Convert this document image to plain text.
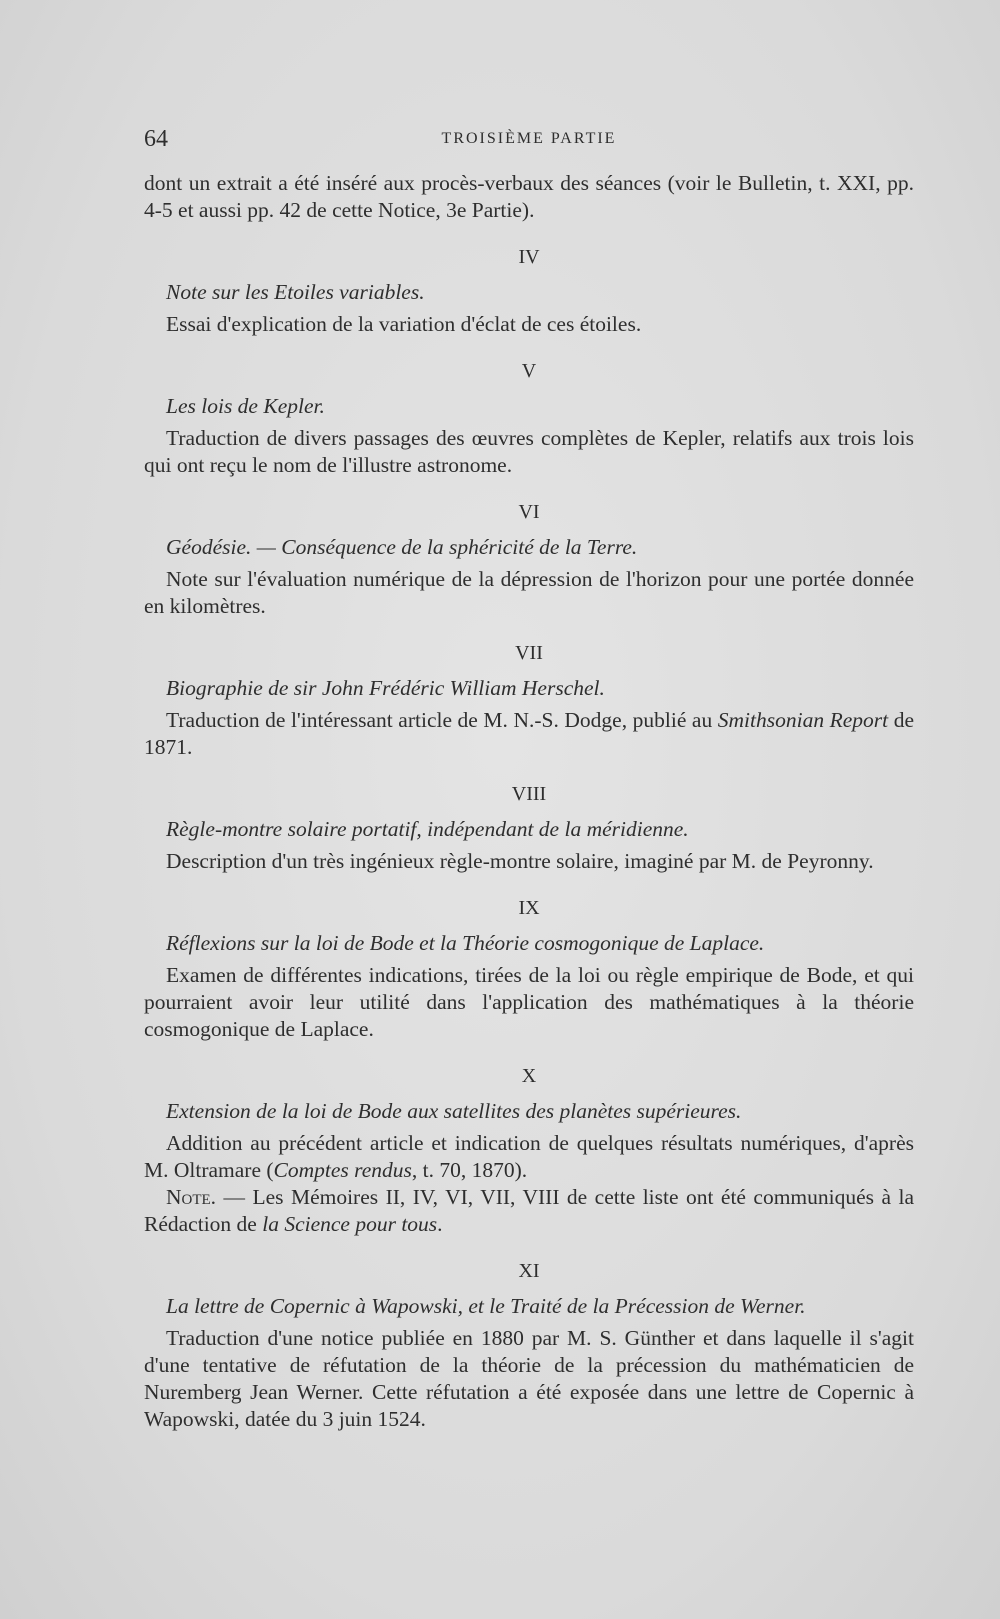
64	TROISIÈME PARTIE

dont un extrait a été inséré aux procès-verbaux des séances (voir le Bulletin, t. XXI, pp. 4-5 et aussi pp. 42 de cette Notice, 3e Partie).

IV
Note sur les Etoiles variables.

Essai d'explication de la variation d'éclat de ces étoiles.

V
Les lois de Kepler.

Traduction de divers passages des œuvres complètes de Kepler, relatifs aux trois lois qui ont reçu le nom de l'illustre astronome.

VI
Géodésie. — Conséquence de la sphéricité de la Terre.

Note sur l'évaluation numérique de la dépression de l'horizon pour une portée donnée en kilomètres.

VII
Biographie de sir John Frédéric William Herschel.

Traduction de l'intéressant article de M. N.-S. Dodge, publié au Smithsonian Report de 1871.

VIII
Règle-montre solaire portatif, indépendant de la méridienne.

Description d'un très ingénieux règle-montre solaire, imaginé par M. de Peyronny.

IX
Réflexions sur la loi de Bode et la Théorie cosmogonique de Laplace.

Examen de différentes indications, tirées de la loi ou règle empirique de Bode, et qui pourraient avoir leur utilité dans l'application des mathématiques à la théorie cosmogonique de Laplace.

X
Extension de la loi de Bode aux satellites des planètes supérieures.

Addition au précédent article et indication de quelques résultats numériques, d'après M. Oltramare (Comptes rendus, t. 70, 1870).

Note. — Les Mémoires II, IV, VI, VII, VIII de cette liste ont été communiqués à la Rédaction de la Science pour tous.

XI
La lettre de Copernic à Wapowski, et le Traité de la Précession de Werner.

Traduction d'une notice publiée en 1880 par M. S. Günther et dans laquelle il s'agit d'une tentative de réfutation de la théorie de la précession du mathématicien de Nuremberg Jean Werner. Cette réfutation a été exposée dans une lettre de Copernic à Wapowski, datée du 3 juin 1524.
